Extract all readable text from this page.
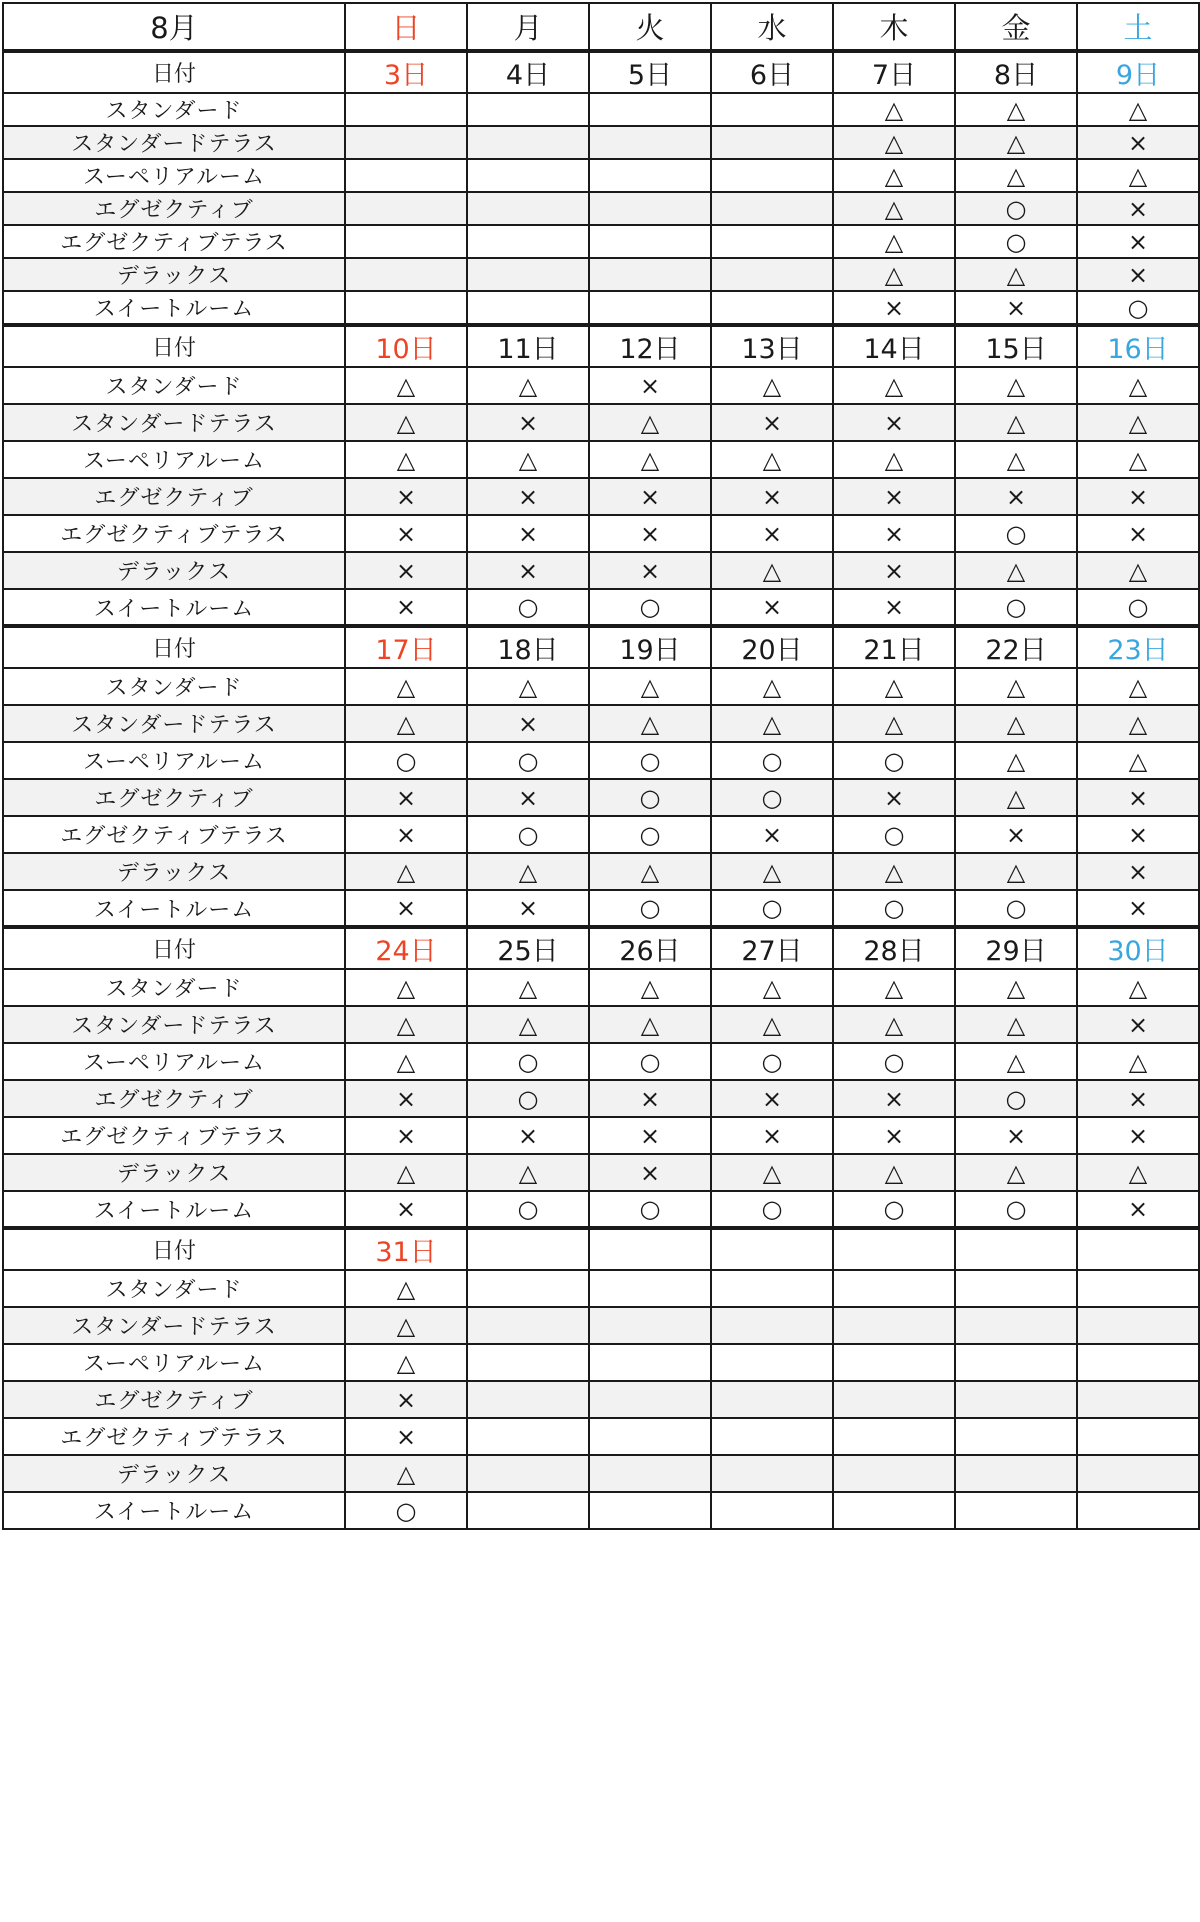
8月	日	月	火	水	木	金	土
日付	3日	4日	5日	6日	7日	8日	9日
スタンダード					△	△	△
スタンダードテラス					△	△	×
スーペリアルーム					△	△	△
エグゼクティブ					△	○	×
エグゼクティブテラス					△	○	×
デラックス					△	△	×
スイートルーム					×	×	○
日付	10日	11日	12日	13日	14日	15日	16日
スタンダード	△	△	×	△	△	△	△
スタンダードテラス	△	×	△	×	×	△	△
スーペリアルーム	△	△	△	△	△	△	△
エグゼクティブ	×	×	×	×	×	×	×
エグゼクティブテラス	×	×	×	×	×	○	×
デラックス	×	×	×	△	×	△	△
スイートルーム	×	○	○	×	×	○	○
日付	17日	18日	19日	20日	21日	22日	23日
スタンダード	△	△	△	△	△	△	△
スタンダードテラス	△	×	△	△	△	△	△
スーペリアルーム	○	○	○	○	○	△	△
エグゼクティブ	×	×	○	○	×	△	×
エグゼクティブテラス	×	○	○	×	○	×	×
デラックス	△	△	△	△	△	△	×
スイートルーム	×	×	○	○	○	○	×
日付	24日	25日	26日	27日	28日	29日	30日
スタンダード	△	△	△	△	△	△	△
スタンダードテラス	△	△	△	△	△	△	×
スーペリアルーム	△	○	○	○	○	△	△
エグゼクティブ	×	○	×	×	×	○	×
エグゼクティブテラス	×	×	×	×	×	×	×
デラックス	△	△	×	△	△	△	△
スイートルーム	×	○	○	○	○	○	×
日付	31日						
スタンダード	△						
スタンダードテラス	△						
スーペリアルーム	△						
エグゼクティブ	×						
エグゼクティブテラス	×						
デラックス	△						
スイートルーム	○						
